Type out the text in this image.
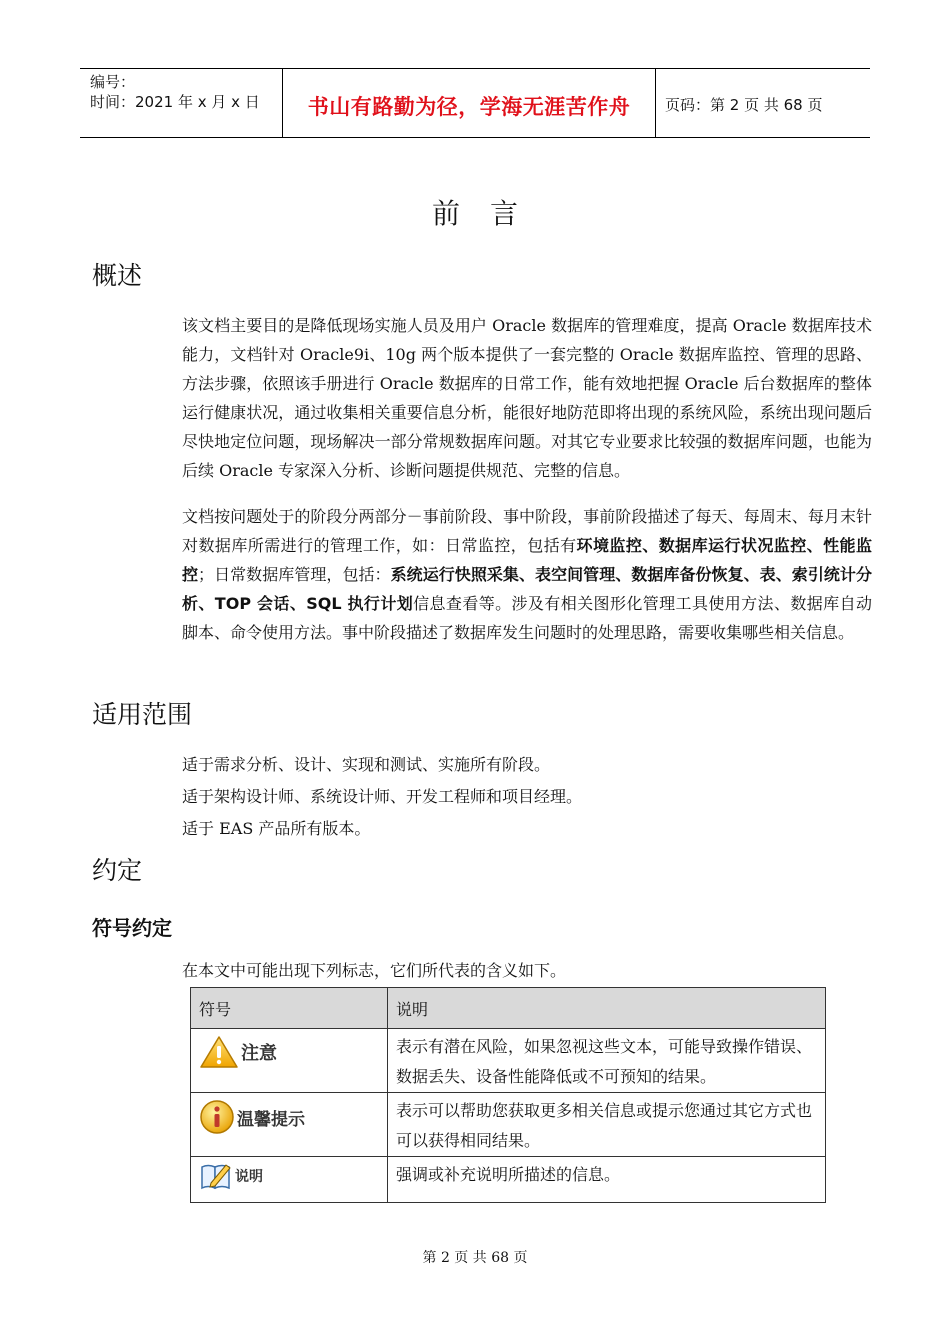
编号：
时间：2021 年 x 月 x 日	书山有路勤为径，学海无涯苦作舟	页码：第 2 页 共 68 页
前言
概述

该文档主要目的是降低现场实施人员及用户 Oracle 数据库的管理难度，提高 Oracle 数据库技术能力，文档针对 Oracle9i、10g 两个版本提供了一套完整的 Oracle 数据库监控、管理的思路、方法步骤，依照该手册进行 Oracle 数据库的日常工作，能有效地把握 Oracle 后台数据库的整体运行健康状况，通过收集相关重要信息分析，能很好地防范即将出现的系统风险，系统出现问题后尽快地定位问题，现场解决一部分常规数据库问题。对其它专业要求比较强的数据库问题，也能为后续 Oracle 专家深入分析、诊断问题提供规范、完整的信息。

文档按问题处于的阶段分两部分－事前阶段、事中阶段，事前阶段描述了每天、每周末、每月末针对数据库所需进行的管理工作，如：日常监控，包括有环境监控、数据库运行状况监控、性能监控；日常数据库管理，包括：系统运行快照采集、表空间管理、数据库备份恢复、表、索引统计分析、TOP 会话、SQL 执行计划信息查看等。涉及有相关图形化管理工具使用方法、数据库自动脚本、命令使用方法。事中阶段描述了数据库发生问题时的处理思路，需要收集哪些相关信息。

适用范围
适于需求分析、设计、实现和测试、实施所有阶段。
适于架构设计师、系统设计师、开发工程师和项目经理。
适于 EAS 产品所有版本。
约定
符号约定
在本文中可能出现下列标志，它们所代表的含义如下。
符号	说明

注意	表示有潜在风险，如果忽视这些文本，可能导致操作错误、数据丢失、设备性能降低或不可预知的结果。

温馨提示	表示可以帮助您获取更多相关信息或提示您通过其它方式也可以获得相同结果。

说明	强调或补充说明所描述的信息。
第 2 页 共 68 页
